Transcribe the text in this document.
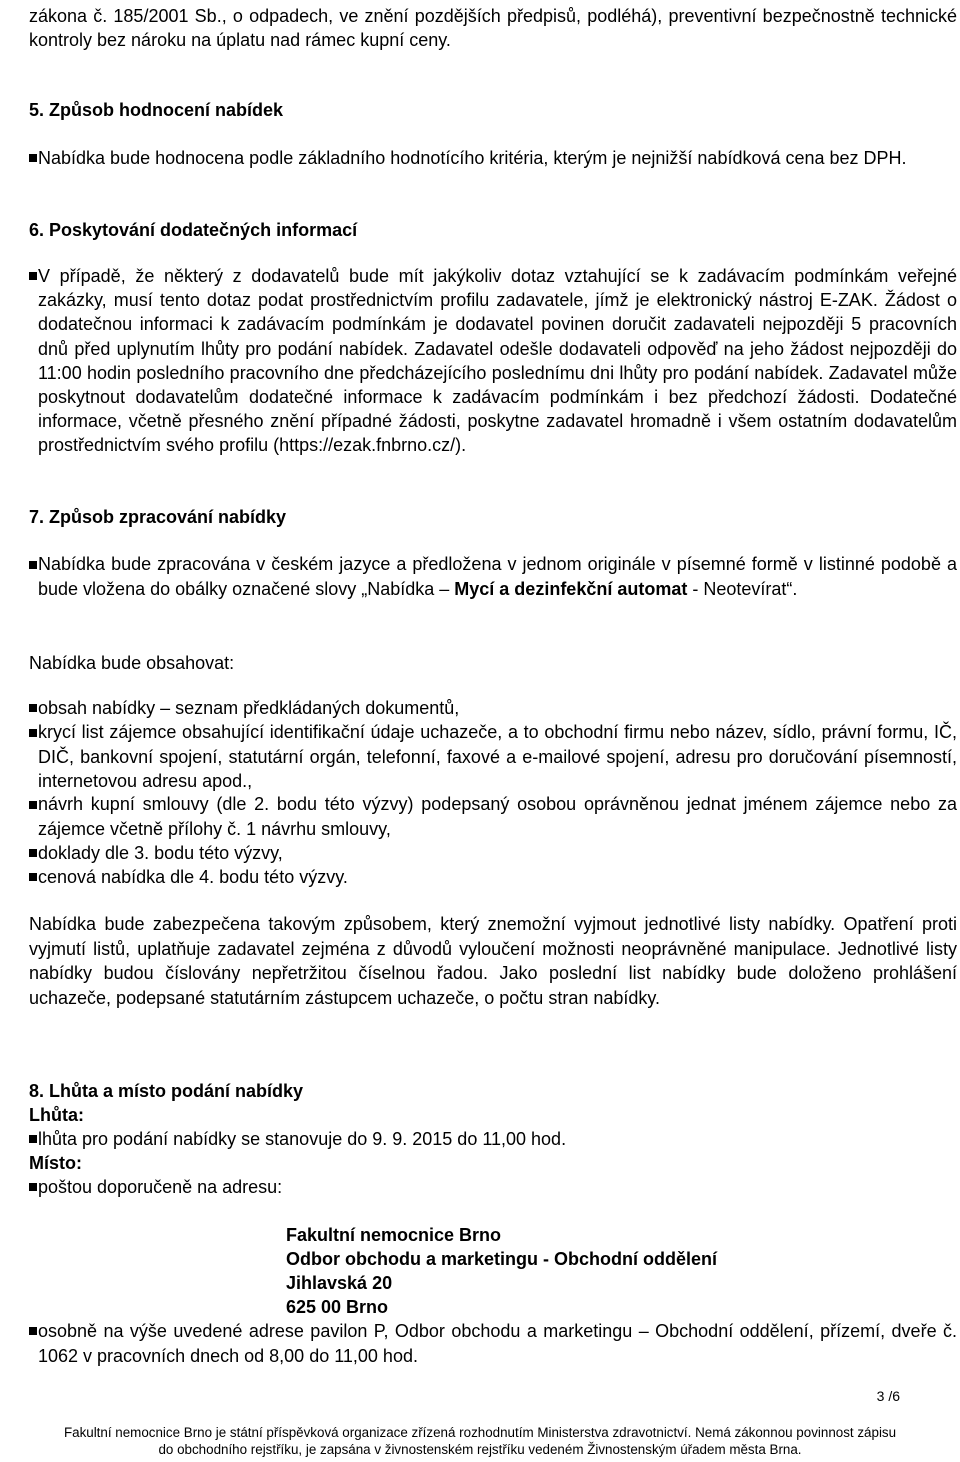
zákona č. 185/2001 Sb., o odpadech, ve znění pozdějších předpisů, podléhá), preventivní bezpečnostně technické kontroly bez nároku na úplatu nad rámec kupní ceny.

5. Způsob hodnocení nabídek
Nabídka bude hodnocena podle základního hodnotícího kritéria, kterým je nejnižší nabídková cena bez DPH.
6. Poskytování dodatečných informací
V případě, že některý z dodavatelů bude mít jakýkoliv dotaz vztahující se k zadávacím podmínkám veřejné zakázky, musí tento dotaz podat prostřednictvím profilu zadavatele, jímž je elektronický nástroj E-ZAK. Žádost o dodatečnou informaci k zadávacím podmínkám je dodavatel povinen doručit zadavateli nejpozději 5 pracovních dnů před uplynutím lhůty pro podání nabídek. Zadavatel odešle dodavateli odpověď na jeho žádost nejpozději do 11:00 hodin posledního pracovního dne předcházejícího poslednímu dni lhůty pro podání nabídek. Zadavatel může poskytnout dodavatelům dodatečné informace k zadávacím podmínkám i bez předchozí žádosti. Dodatečné informace, včetně přesného znění případné žádosti, poskytne zadavatel hromadně i všem ostatním dodavatelům prostřednictvím svého profilu (https://ezak.fnbrno.cz/).
7. Způsob zpracování nabídky
Nabídka bude zpracována v českém jazyce a předložena v jednom originále v písemné formě v listinné podobě a bude vložena do obálky označené slovy „Nabídka – Mycí a dezinfekční automat - Neotevírat“.
Nabídka bude obsahovat:
obsah nabídky – seznam předkládaných dokumentů,
krycí list zájemce obsahující identifikační údaje uchazeče, a to obchodní firmu nebo název, sídlo, právní formu, IČ, DIČ, bankovní spojení, statutární orgán, telefonní, faxové a e-mailové spojení, adresu pro doručování písemností, internetovou adresu apod.,
návrh kupní smlouvy (dle 2. bodu této výzvy) podepsaný osobou oprávněnou jednat jménem zájemce nebo za zájemce včetně přílohy č. 1 návrhu smlouvy,
doklady dle 3. bodu této výzvy,
cenová nabídka dle 4. bodu této výzvy.

Nabídka bude zabezpečena takovým způsobem, který znemožní vyjmout jednotlivé listy nabídky. Opatření proti vyjmutí listů, uplatňuje zadavatel zejména z důvodů vyloučení možnosti neoprávněné manipulace. Jednotlivé listy nabídky budou číslovány nepřetržitou číselnou řadou. Jako poslední list nabídky bude doloženo prohlášení uchazeče, podepsané statutárním zástupcem uchazeče, o počtu stran nabídky.

8. Lhůta a místo podání nabídky
Lhůta:
lhůta pro podání nabídky se stanovuje do 9. 9. 2015 do 11,00 hod.
Místo:
poštou doporučeně na adresu:
Fakultní nemocnice Brno
Odbor obchodu a marketingu - Obchodní oddělení
Jihlavská 20
625 00 Brno
osobně na výše uvedené adrese pavilon P, Odbor obchodu a marketingu – Obchodní oddělení, přízemí, dveře č. 1062 v pracovních dnech od 8,00 do 11,00 hod.
3 /6
Fakultní nemocnice Brno je státní příspěvková organizace zřízená rozhodnutím Ministerstva zdravotnictví. Nemá zákonnou povinnost zápisu
do obchodního rejstříku, je zapsána v živnostenském rejstříku vedeném Živnostenským úřadem města Brna.
